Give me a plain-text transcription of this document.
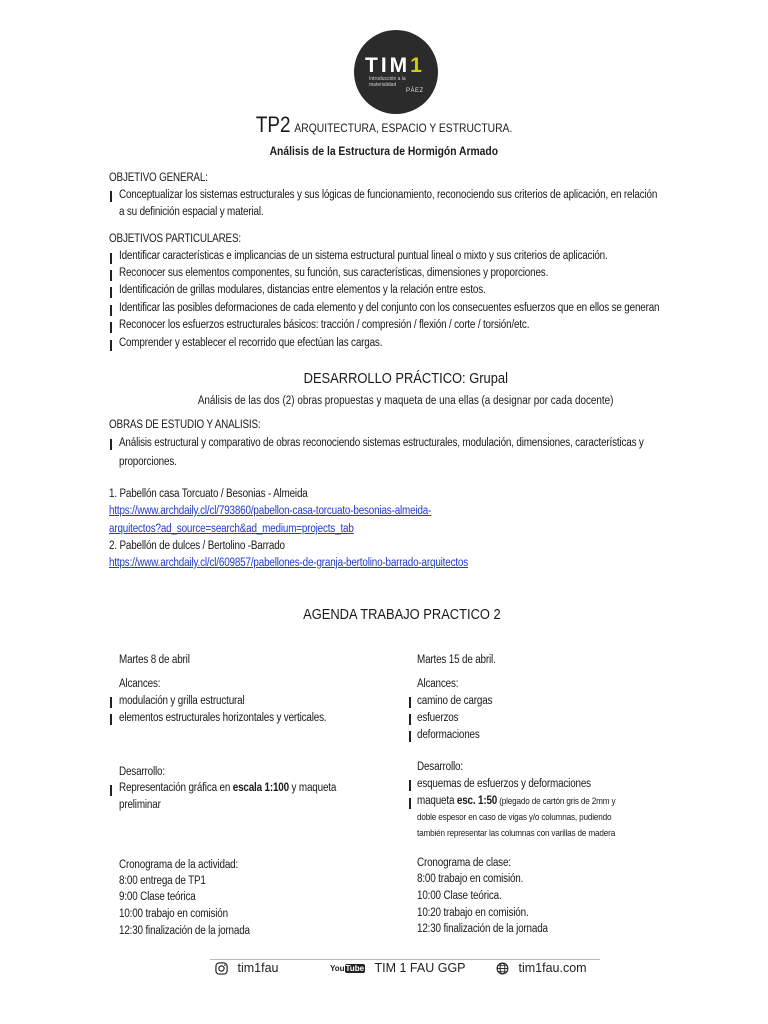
TIM1
Introducción a la materialidad
PÁEZ
TP2 ARQUITECTURA, ESPACIO Y ESTRUCTURA.
Análisis de la Estructura de Hormigón Armado
OBJETIVO GENERAL:
Conceptualizar los sistemas estructurales y sus lógicas de funcionamiento, reconociendo sus criterios de aplicación, en relación
a su definición espacial y material.
OBJETIVOS PARTICULARES:
Identificar características e implicancias de un sistema estructural puntual lineal o mixto y sus criterios de aplicación.
Reconocer sus elementos componentes, su función, sus características, dimensiones y proporciones.
Identificación de grillas modulares, distancias entre elementos y la relación entre estos.
Identificar las posibles deformaciones de cada elemento y del conjunto con los consecuentes esfuerzos que en ellos se generan
Reconocer los esfuerzos estructurales básicos: tracción / compresión / flexión / corte / torsión/etc.
Comprender y establecer el recorrido que efectúan las cargas.
DESARROLLO PRÁCTICO: Grupal
Análisis de las dos (2) obras propuestas y maqueta de una ellas (a designar por cada docente)
OBRAS DE ESTUDIO Y ANALISIS:
Análisis estructural y comparativo de obras reconociendo sistemas estructurales, modulación, dimensiones, características y
proporciones.
1. Pabellón casa Torcuato / Besonias - Almeida
https://www.archdaily.cl/cl/793860/pabellon-casa-torcuato-besonias-almeida-
arquitectos?ad_source=search&ad_medium=projects_tab
2. Pabellón de dulces / Bertolino -Barrado
https://www.archdaily.cl/cl/609857/pabellones-de-granja-bertolino-barrado-arquitectos
AGENDA TRABAJO PRACTICO 2
Martes 8 de abril
Alcances:
modulación y grilla estructural
elementos estructurales horizontales y verticales.
Desarrollo:
Representación gráfica en escala 1:100 y maqueta
preliminar
Cronograma de la actividad:
8:00 entrega de TP1
9:00 Clase teórica
10:00 trabajo en comisión
12:30 finalización de la jornada
Martes 15 de abril.
Alcances:
camino de cargas
esfuerzos
deformaciones
Desarrollo:
esquemas de esfuerzos y deformaciones
maqueta esc. 1:50 (plegado de cartón gris de 2mm y
doble espesor en caso de vigas y/o columnas, pudiendo
también representar las columnas con varillas de madera
Cronograma de clase:
8:00 trabajo en comisión.
10:00 Clase teórica.
10:20 trabajo en comisión.
12:30 finalización de la jornada
tim1fau	YouTube TIM 1 FAU GGP	tim1fau.com
